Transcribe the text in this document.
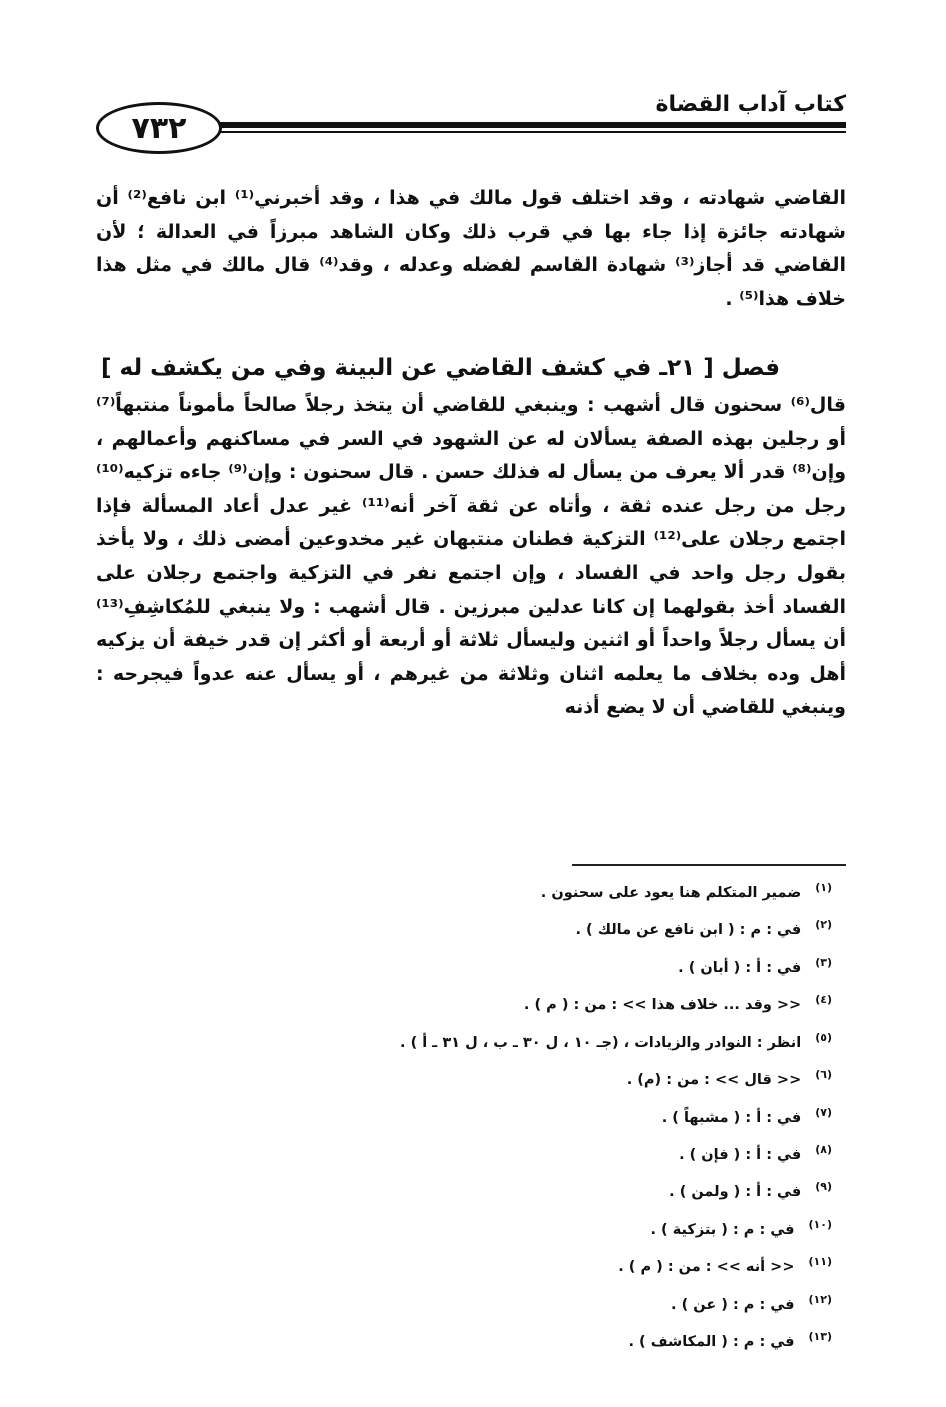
كتاب آداب القضاة
٧٣٢

القاضي شهادته ، وقد اختلف قول مالك في هذا ، وقد أخبرني⁽¹⁾ ابن نافع⁽²⁾ أن شهادته جائزة إذا جاء بها في قرب ذلك وكان الشاهد مبرزاً في العدالة ؛ لأن القاضي قد أجاز⁽³⁾ شهادة القاسم لفضله وعدله ، وقد⁽⁴⁾ قال مالك في مثل هذا خلاف هذا⁽⁵⁾ .

فصل [ ٢١ـ في كشف القاضي عن البينة وفي من يكشف له ]

قال⁽⁶⁾ سحنون قال أشهب : وينبغي للقاضي أن يتخذ رجلاً صالحاً مأموناً منتبهاً⁽⁷⁾ أو رجلين بهذه الصفة يسألان له عن الشهود في السر في مساكنهم وأعمالهم ، وإن⁽⁸⁾ قدر ألا يعرف من يسأل له فذلك حسن . قال سحنون : وإن⁽⁹⁾ جاءه تزكيه⁽¹⁰⁾ رجل من رجل عنده ثقة ، وأتاه عن ثقة آخر أنه⁽¹¹⁾ غير عدل أعاد المسألة فإذا اجتمع رجلان على⁽¹²⁾ التزكية فطنان منتبهان غير مخدوعين أمضى ذلك ، ولا يأخذ بقول رجل واحد في الفساد ، وإن اجتمع نفر في التزكية واجتمع رجلان على الفساد أخذ بقولهما إن كانا عدلين مبرزين . قال أشهب : ولا ينبغي للمُكاشِفِ⁽¹³⁾ أن يسأل رجلاً واحداً أو اثنين وليسأل ثلاثة أو أربعة أو أكثر إن قدر خيفة أن يزكيه أهل وده بخلاف ما يعلمه اثنان وثلاثة من غيرهم ، أو يسأل عنه عدواً فيجرحه : وينبغي للقاضي أن لا يضع أذنه

$^{(١)}$ضمير المتكلم هنا يعود على سحنون .
$^{(٢)}$في : م : ( ابن نافع عن مالك ) .
$^{(٣)}$في : أ : ( أبان ) .
$^{(٤)}$<< وقد ... خلاف هذا >> : من : ( م ) .
$^{(٥)}$انظر : النوادر والزيادات ، (جـ ١٠ ، ل ٣٠ ـ ب ، ل ٣١ ـ أ ) .
$^{(٦)}$<< قال >> : من : (م) .
$^{(٧)}$في : أ : ( مشبهاً ) .
$^{(٨)}$في : أ : ( فإن ) .
$^{(٩)}$في : أ : ( ولمن ) .
$^{(١٠)}$في : م : ( بتزكية ) .
$^{(١١)}$<< أنه >> : من : ( م ) .
$^{(١٢)}$في : م : ( عن ) .
$^{(١٣)}$في : م : ( المكاشف ) .
